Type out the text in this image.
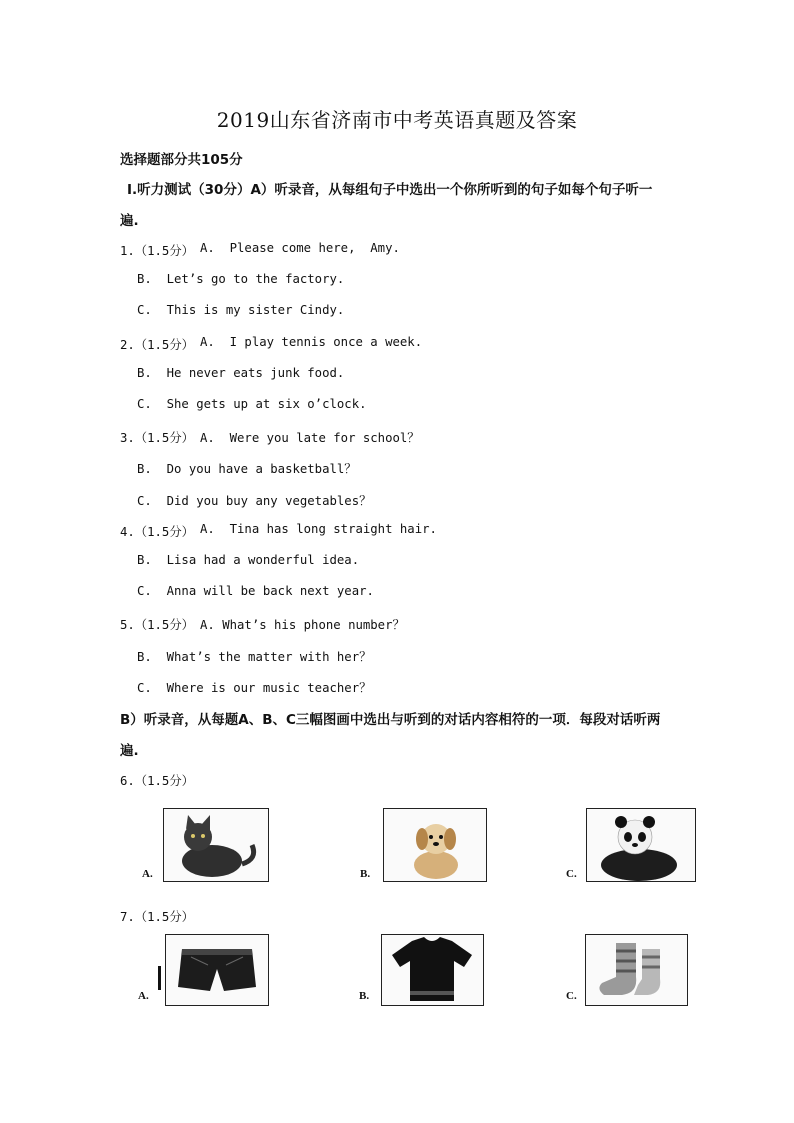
2019山东省济南市中考英语真题及答案
选择题部分共105分
I.听力测试（30分）A）听录音，从每组句子中选出一个你所听到的句子如每个句子听一
遍.
1.（1.5分） A.  Please come here,  Amy.
B.  Let’s go to the factory.
C.  This is my sister Cindy.
2.（1.5分） A.  I play tennis once a week.
B.  He never eats junk food.
C.  She gets up at six o’clock.
3.（1.5分） A.  Were you late for school？
B.  Do you have a basketball？
C.  Did you buy any vegetables？
4.（1.5分） A.  Tina has long straight hair.
B.  Lisa had a wonderful idea.
C.  Anna will be back next year.
5.（1.5分） A. What’s his phone number？
B.  What’s the matter with her？
C.  Where is our music teacher？
B）听录音，从每题A、B、C三幅图画中选出与听到的对话内容相符的一项．每段对话听两
遍.
6.（1.5分）
A.	B.	C.
7.（1.5分）
A.	B.	C.
